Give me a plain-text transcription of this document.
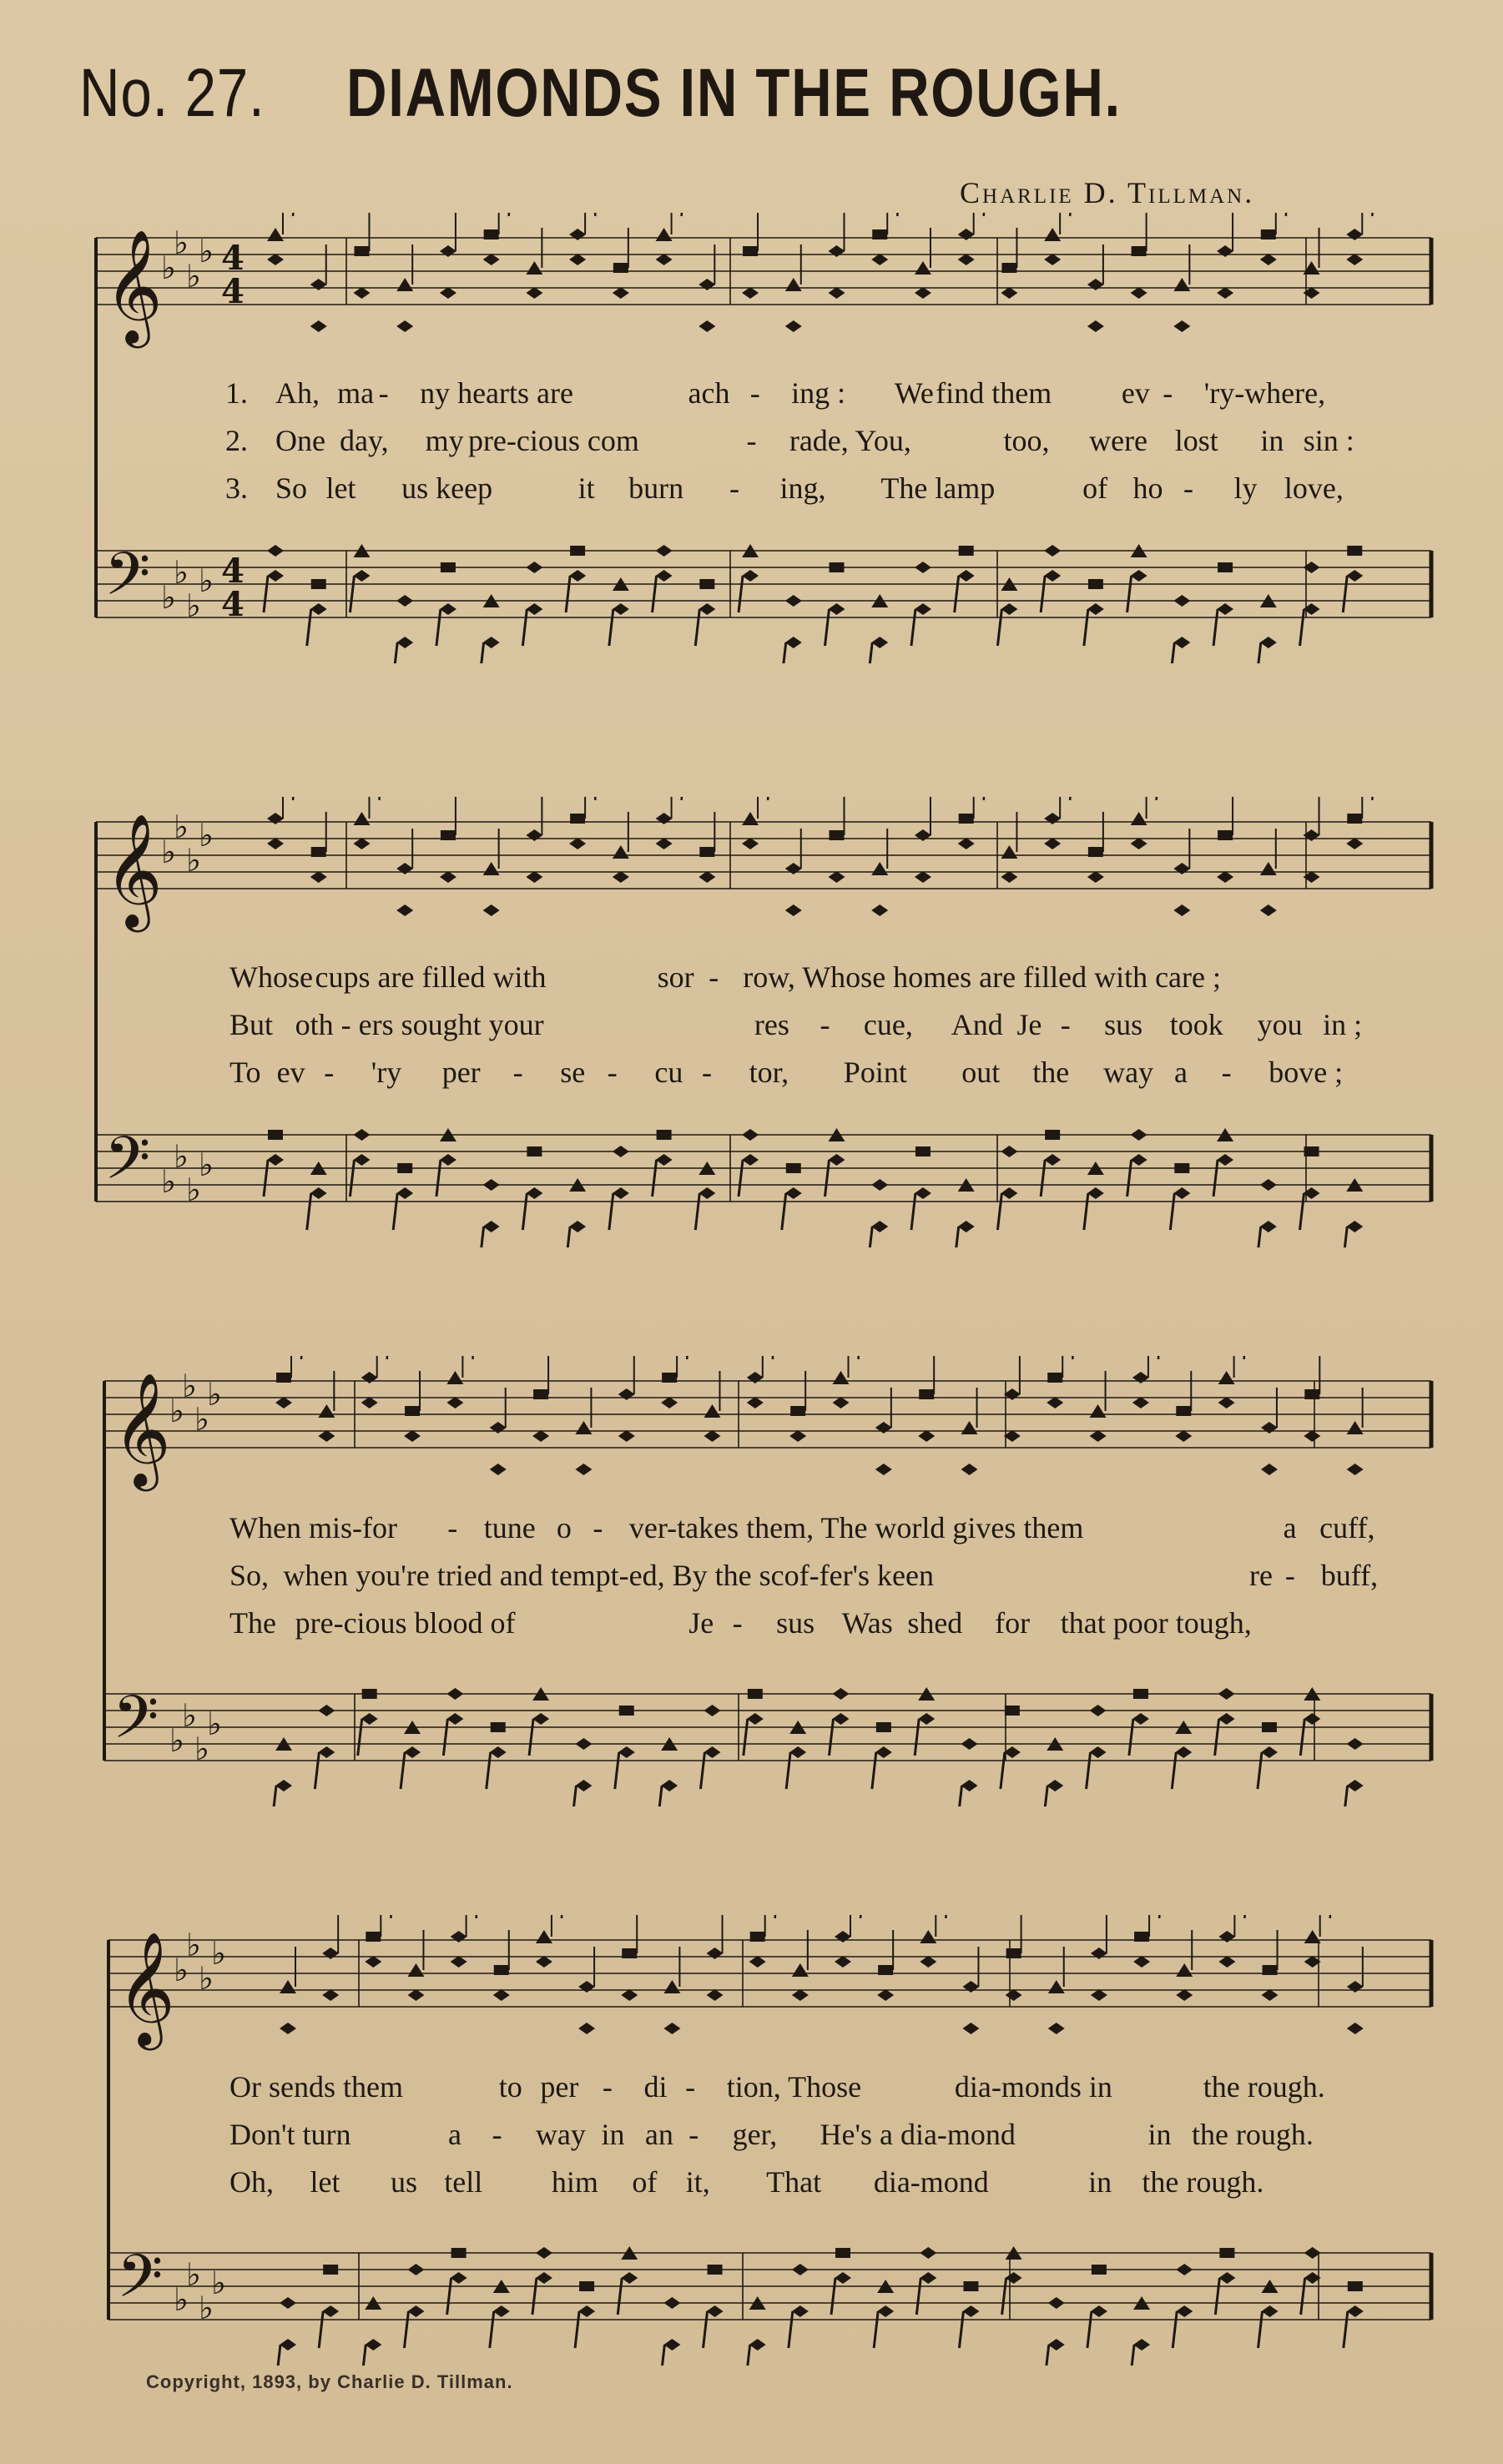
No. 27. DIAMONDS IN THE ROUGH.
Charlie D. Tillman.
𝄞
♭
♭
♭
♭ 4
4
𝄢 ♭
♭
♭
♭ 4
4
1. Ah, ma - ny hearts are	ach - ing : We find them ev - 'ry-where,
2. One day, my pre-cious com	- rade, You,	too, were lost in sin :
3. So let us keep	it burn - ing, The lamp	of ho - ly love,
𝄞
♭
♭
♭
♭
𝄢 ♭
♭
♭
♭
Whose cups are filled with	sor - row, Whose homes are filled with care ;
But oth - ers sought your	res - cue, And Je - sus took you in ;
To ev - 'ry per - se - cu - tor, Point out the way a - bove ;
𝄞
♭
♭
♭
♭
𝄢 ♭
♭
♭
♭
When mis-for - tune o - ver-takes them, The world gives them	a cuff,
So, when you're tried and tempt-ed, By the scof-fer's keen	re - buff,
The pre-cious blood of	Je - sus Was shed for that poor tough,
𝄞
♭
♭
♭
♭
𝄢 ♭
♭
♭
♭
Or sends them	to per - di - tion, Those	dia-monds in	the rough.
Don't turn	a - way in an - ger, He's a dia-mond	in the rough.
Oh, let us tell him of it, That dia-mond	in the rough.
Copyright, 1893, by Charlie D. Tillman.
